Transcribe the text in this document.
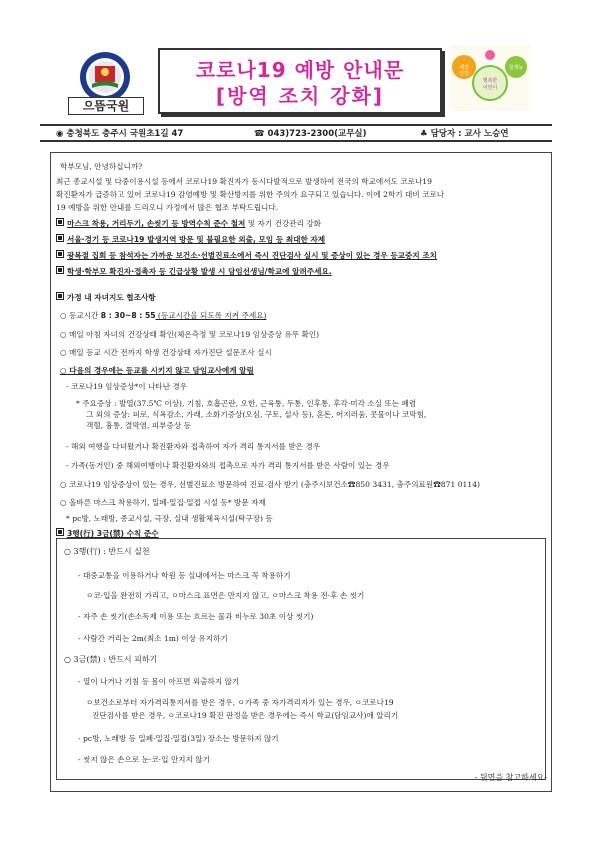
으뜸국원
코로나19 예방 안내문
[방역 조치 강화]
세상
건강
행복한
어린이
꿈재능
◉ 충청북도 충주시 국원초1길 47	☎ 043)723-2300(교무실)	♣ 담당자 : 교사 노승연
학부모님, 안녕하십니까?
최근 종교시설 및 다중이용시설 등에서 코로나19 확진자가 동시다발적으로 발생하여 전국의 학교에서도 코로나19
확진환자가 급증하고 있어 코로나19 감염예방 및 확산방지를 위한 주의가 요구되고 있습니다. 이에 2학기 대비 코로나
19 예방을 위한 안내를 드리오니 가정에서 많은 협조 부탁드립니다.
마스크 착용, 거리두기, 손씻기 등 방역수칙 준수 철저 및 자기 건강관리 강화
서울·경기 등 코로나19 발생지역 방문 및 불필요한 외출, 모임 등 최대한 자제
광복절 집회 등 참석자는 가까운 보건소·선별진료소에서 즉시 진단검사 실시 및 증상이 있는 경우 등교중지 조치
학생·학부모 확진자·접촉자 등 긴급상황 발생 시 담임선생님/학교에 알려주세요.
가정 내 자녀지도 협조사항
○ 등교시간 8 : 30~8 : 55 (등교시간을 되도록 지켜 주세요)
○ 매일 아침 자녀의 건강상태 확인(체온측정 및 코로나19 임상증상 유무 확인)
○ 매일 등교 시간 전까지 학생 건강상태 자가진단 설문조사 실시
○ 다음의 경우에는 등교를 시키지 않고 담임교사에게 알림
- 코로나19 임상증상*이 나타난 경우
* 주요증상 : 발열(37.5℃ 이상), 기침, 호흡곤란, 오한, 근육통, 두통, 인후통, 후각·미각 소실 또는 폐렴
그 외의 증상: 피로, 식욕감소, 가래, 소화기증상(오심, 구토, 설사 등), 혼돈, 어지러움, 콧물이나 코막힘,
객혈, 흉통, 결막염, 피부증상 등
- 해외 여행을 다녀왔거나 확진환자와 접촉하여 자가 격리 통지서를 받은 경우
- 가족(동거인) 중 해외여행이나 확진환자와의 접촉으로 자가 격리 통지서를 받은 사람이 있는 경우
○ 코로나19 임상증상이 있는 경우, 선별진료소 방문하여 진료·검사 받기 (충주시보건소☎850 3431, 충주의료원☎871 0114)
○ 올바른 마스크 착용하기, 밀폐·밀집·밀접 시설 등* 방문 자제
* pc방, 노래방, 종교시설, 극장, 실내 생활체육시설(탁구장) 등
3행(行) 3금(禁) 수칙 준수
○ 3행(行) : 반드시 실천
- 대중교통을 이용하거나 학원 등 실내에서는 마스크 꼭 착용하기
ㅇ코·입을 완전히 가리고, ㅇ마스크 표면은 만지지 않고, ㅇ마스크 착용 전·후 손 씻기
- 자주 손 씻기(손소독제 이용 또는 흐르는 물과 비누로 30초 이상 씻기)
- 사람간 거리는 2m(최소 1m) 이상 유지하기
○ 3금(禁) : 반드시 피하기
- 열이 나거나 기침 등 몸이 아프면 외출하지 않기
ㅇ보건소로부터 자가격리통지서를 받은 경우, ㅇ가족 중 자가격리자가 있는 경우, ㅇ코로나19
진단검사를 받은 경우, ㅇ코로나19 확진 판정을 받은 경우에는 즉시 학교(담임교사)에 알리기
- pc방, 노래방 등 밀폐·밀집·밀접(3밀) 장소는 방문하지 않기
- 씻지 않은 손으로 눈·코·입 만지지 않기
- 뒷면을 참고하세요-
